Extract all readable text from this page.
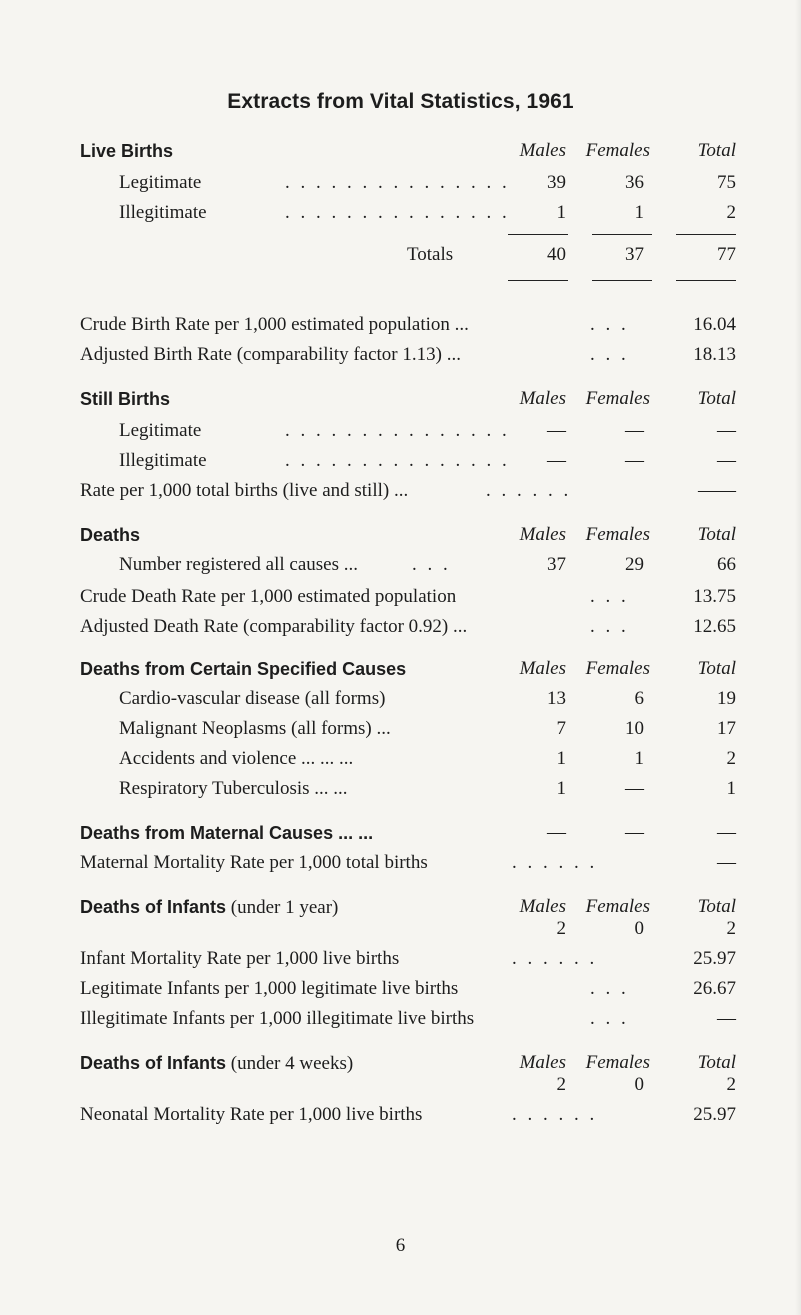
Extracts from Vital Statistics, 1961
Live Births	Males Females	Total
Legitimate	. . . . . . . . . . . . . . .	39	36	75
Illegitimate	. . . . . . . . . . . . . . .	1	1	2
Totals	40	37	77
Crude Birth Rate per 1,000 estimated population ...	. . .	16.04
Adjusted Birth Rate (comparability factor 1.13) ...	. . .	18.13
Still Births	Males Females	Total
Legitimate	. . . . . . . . . . . . . . .	—	—	—
Illegitimate	. . . . . . . . . . . . . . .	—	—	—
Rate per 1,000 total births (live and still) ...	. . . . . .	——
Deaths	Males Females	Total
Number registered all causes ...	. . .	37	29	66
Crude Death Rate per 1,000 estimated population	. . .	13.75
Adjusted Death Rate (comparability factor 0.92) ...	. . .	12.65
Deaths from Certain Specified Causes	Males Females	Total
Cardio-vascular disease (all forms)	13	6	19
Malignant Neoplasms (all forms) ...	7	10	17
Accidents and violence ... ... ...	1	1	2
Respiratory Tuberculosis ... ...	1	—	1
Deaths from Maternal Causes ... ...	—	—	—
Maternal Mortality Rate per 1,000 total births	. . . . . .	—
Deaths of Infants (under 1 year)	Males Females	Total
2	0	2
Infant Mortality Rate per 1,000 live births	. . . . . .	25.97
Legitimate Infants per 1,000 legitimate live births	. . .	26.67
Illegitimate Infants per 1,000 illegitimate live births	. . .	—
Deaths of Infants (under 4 weeks)	Males Females	Total
2	0	2
Neonatal Mortality Rate per 1,000 live births	. . . . . .	25.97
6
